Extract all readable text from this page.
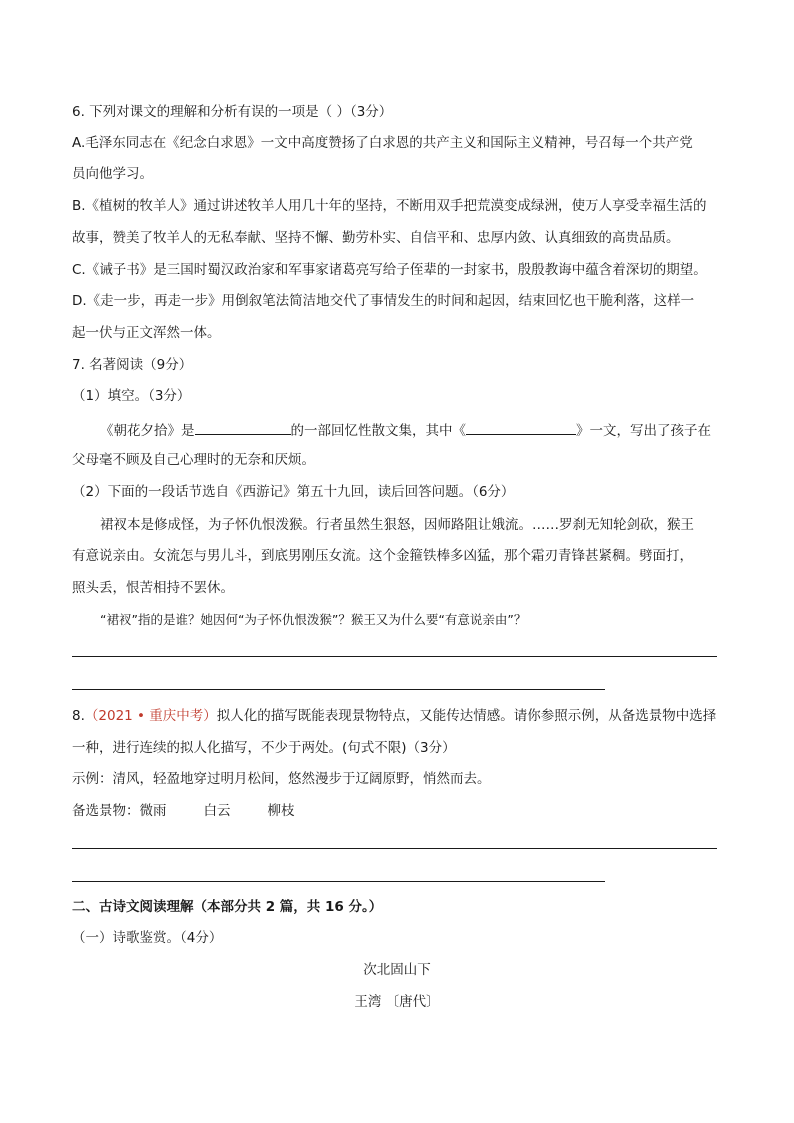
6. 下列对课文的理解和分析有误的一项是（ ）（3分）
A.毛泽东同志在《纪念白求恩》一文中高度赞扬了白求恩的共产主义和国际主义精神，号召每一个共产党
员向他学习。
B.《植树的牧羊人》通过讲述牧羊人用几十年的坚持，不断用双手把荒漠变成绿洲，使万人享受幸福生活的
故事，赞美了牧羊人的无私奉献、坚持不懈、勤劳朴实、自信平和、忠厚内敛、认真细致的高贵品质。
C.《诫子书》是三国时蜀汉政治家和军事家诸葛亮写给子侄辈的一封家书，殷殷教诲中蕴含着深切的期望。
D.《走一步，再走一步》用倒叙笔法简洁地交代了事情发生的时间和起因，结束回忆也干脆利落，这样一
起一伏与正文浑然一体。
7. 名著阅读（9分）
（1）填空。（3分）
《朝花夕拾》是	的一部回忆性散文集，其中《	》一文，写出了孩子在
父母毫不顾及自己心理时的无奈和厌烦。
（2）下面的一段话节选自《西游记》第五十九回，读后回答问题。（6分）
裙衩本是修成怪，为子怀仇恨泼猴。行者虽然生狠怒，因师路阻让娥流。……罗刹无知轮剑砍，猴王
有意说亲由。女流怎与男儿斗，到底男刚压女流。这个金箍铁棒多凶猛，那个霜刃青锋甚紧稠。劈面打，
照头丢，恨苦相持不罢休。
“裙衩”指的是谁？她因何“为子怀仇恨泼猴”？猴王又为什么要“有意说亲由”？
8.（2021 • 重庆中考）拟人化的描写既能表现景物特点，又能传达情感。请你参照示例，从备选景物中选择
一种，进行连续的拟人化描写，不少于两处。(句式不限)（3分）
示例：清风，轻盈地穿过明月松间，悠然漫步于辽阔原野，悄然而去。
备选景物：微雨	白云	柳枝
二、古诗文阅读理解（本部分共 2 篇，共 16 分。）
（一）诗歌鉴赏。（4分）
次北固山下
王湾 〔唐代〕
